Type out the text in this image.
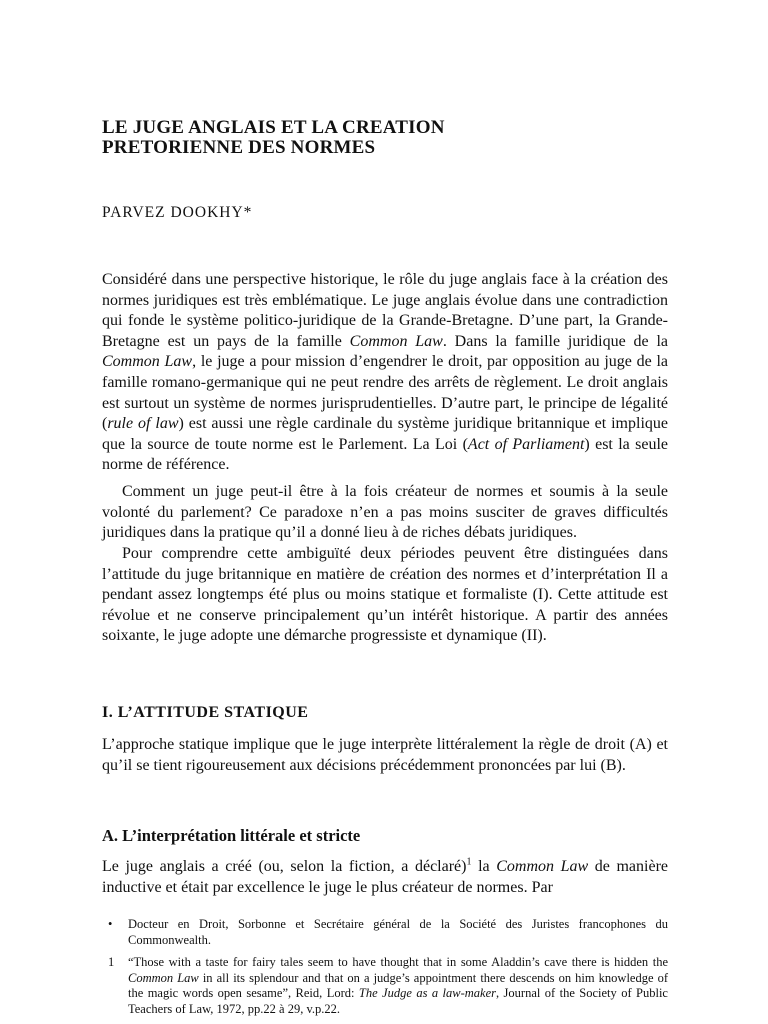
LE JUGE ANGLAIS ET LA CREATION
PRETORIENNE DES NORMES

PARVEZ DOOKHY*

Considéré dans une perspective historique, le rôle du juge anglais face à la création des normes juridiques est très emblématique. Le juge anglais évolue dans une contradiction qui fonde le système politico-juridique de la Grande-Bretagne. D’une part, la Grande-Bretagne est un pays de la famille Common Law. Dans la famille juridique de la Common Law, le juge a pour mission d’engendrer le droit, par opposition au juge de la famille romano-germanique qui ne peut rendre des arrêts de règlement. Le droit anglais est surtout un système de normes jurisprudentielles. D’autre part, le principe de légalité (rule of law) est aussi une règle cardinale du système juridique britannique et implique que la source de toute norme est le Parlement. La Loi (Act of Parliament) est la seule norme de référence.

Comment un juge peut-il être à la fois créateur de normes et soumis à la seule volonté du parlement? Ce paradoxe n’en a pas moins susciter de graves difficultés juridiques dans la pratique qu’il a donné lieu à de riches débats juridiques.

Pour comprendre cette ambiguïté deux périodes peuvent être distinguées dans l’attitude du juge britannique en matière de création des normes et d’interprétation Il a pendant assez longtemps été plus ou moins statique et formaliste (I). Cette attitude est révolue et ne conserve principalement qu’un intérêt historique. A partir des années soixante, le juge adopte une démarche progressiste et dynamique (II).

I. L’ATTITUDE STATIQUE

L’approche statique implique que le juge interprète littéralement la règle de droit (A) et qu’il se tient rigoureusement aux décisions précédemment prononcées par lui (B).

A. L’interprétation littérale et stricte

Le juge anglais a créé (ou, selon la fiction, a déclaré)$^1$ la Common Law de manière inductive et était par excellence le juge le plus créateur de normes. Par

• Docteur en Droit, Sorbonne et Secrétaire général de la Société des Juristes francophones du Commonwealth.
1 “Those with a taste for fairy tales seem to have thought that in some Aladdin’s cave there is hidden the Common Law in all its splendour and that on a judge’s appointment there descends on him knowledge of the magic words open sesame”, Reid, Lord: The Judge as a law-maker, Journal of the Society of Public Teachers of Law, 1972, pp.22 à 29, v.p.22.
